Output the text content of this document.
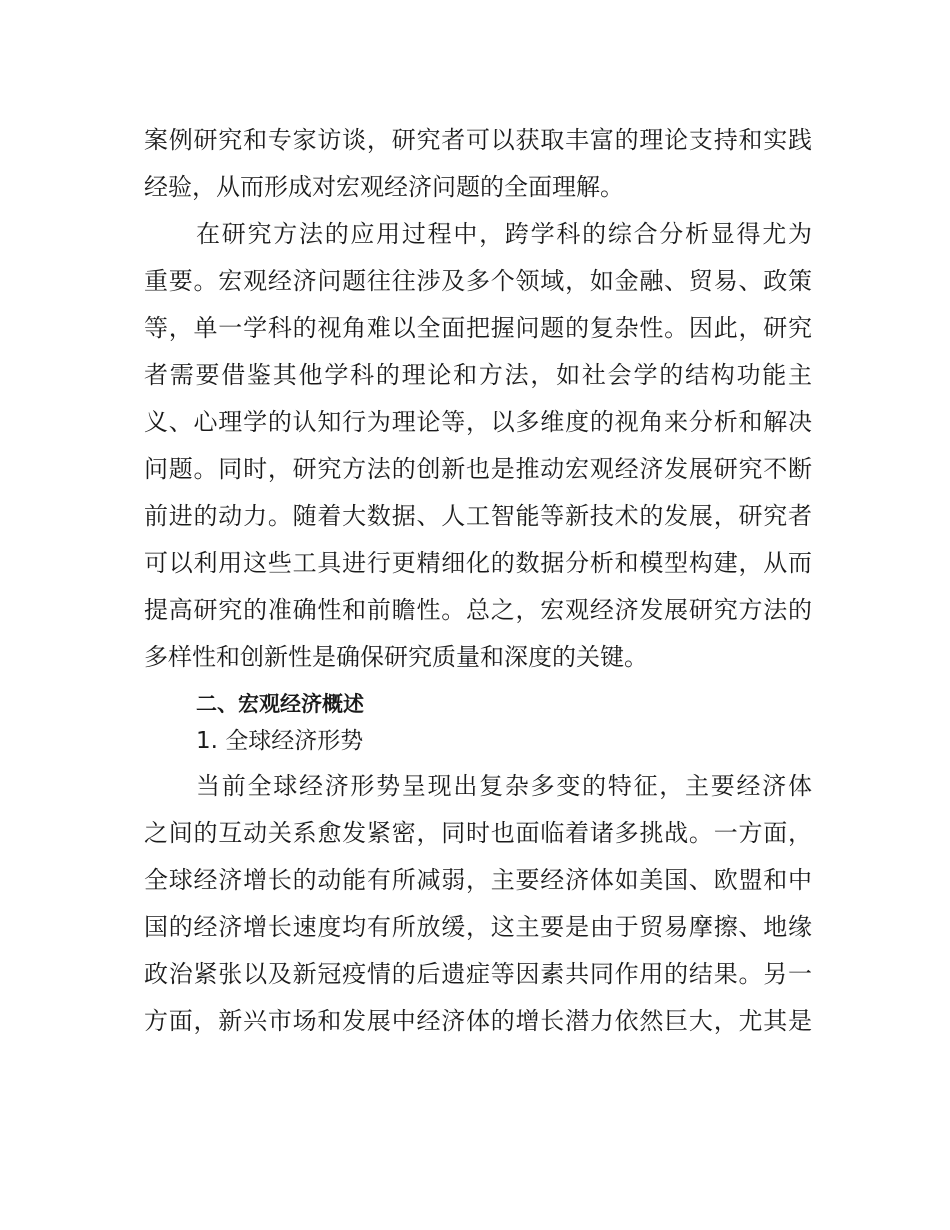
案例研究和专家访谈，研究者可以获取丰富的理论支持和实践
经验，从而形成对宏观经济问题的全面理解。
在研究方法的应用过程中，跨学科的综合分析显得尤为
重要。宏观经济问题往往涉及多个领域，如金融、贸易、政策
等，单一学科的视角难以全面把握问题的复杂性。因此，研究
者需要借鉴其他学科的理论和方法，如社会学的结构功能主
义、心理学的认知行为理论等，以多维度的视角来分析和解决
问题。同时，研究方法的创新也是推动宏观经济发展研究不断
前进的动力。随着大数据、人工智能等新技术的发展，研究者
可以利用这些工具进行更精细化的数据分析和模型构建，从而
提高研究的准确性和前瞻性。总之，宏观经济发展研究方法的
多样性和创新性是确保研究质量和深度的关键。
二、宏观经济概述
1. 全球经济形势
当前全球经济形势呈现出复杂多变的特征，主要经济体
之间的互动关系愈发紧密，同时也面临着诸多挑战。一方面，
全球经济增长的动能有所减弱，主要经济体如美国、欧盟和中
国的经济增长速度均有所放缓，这主要是由于贸易摩擦、地缘
政治紧张以及新冠疫情的后遗症等因素共同作用的结果。另一
方面，新兴市场和发展中经济体的增长潜力依然巨大，尤其是
